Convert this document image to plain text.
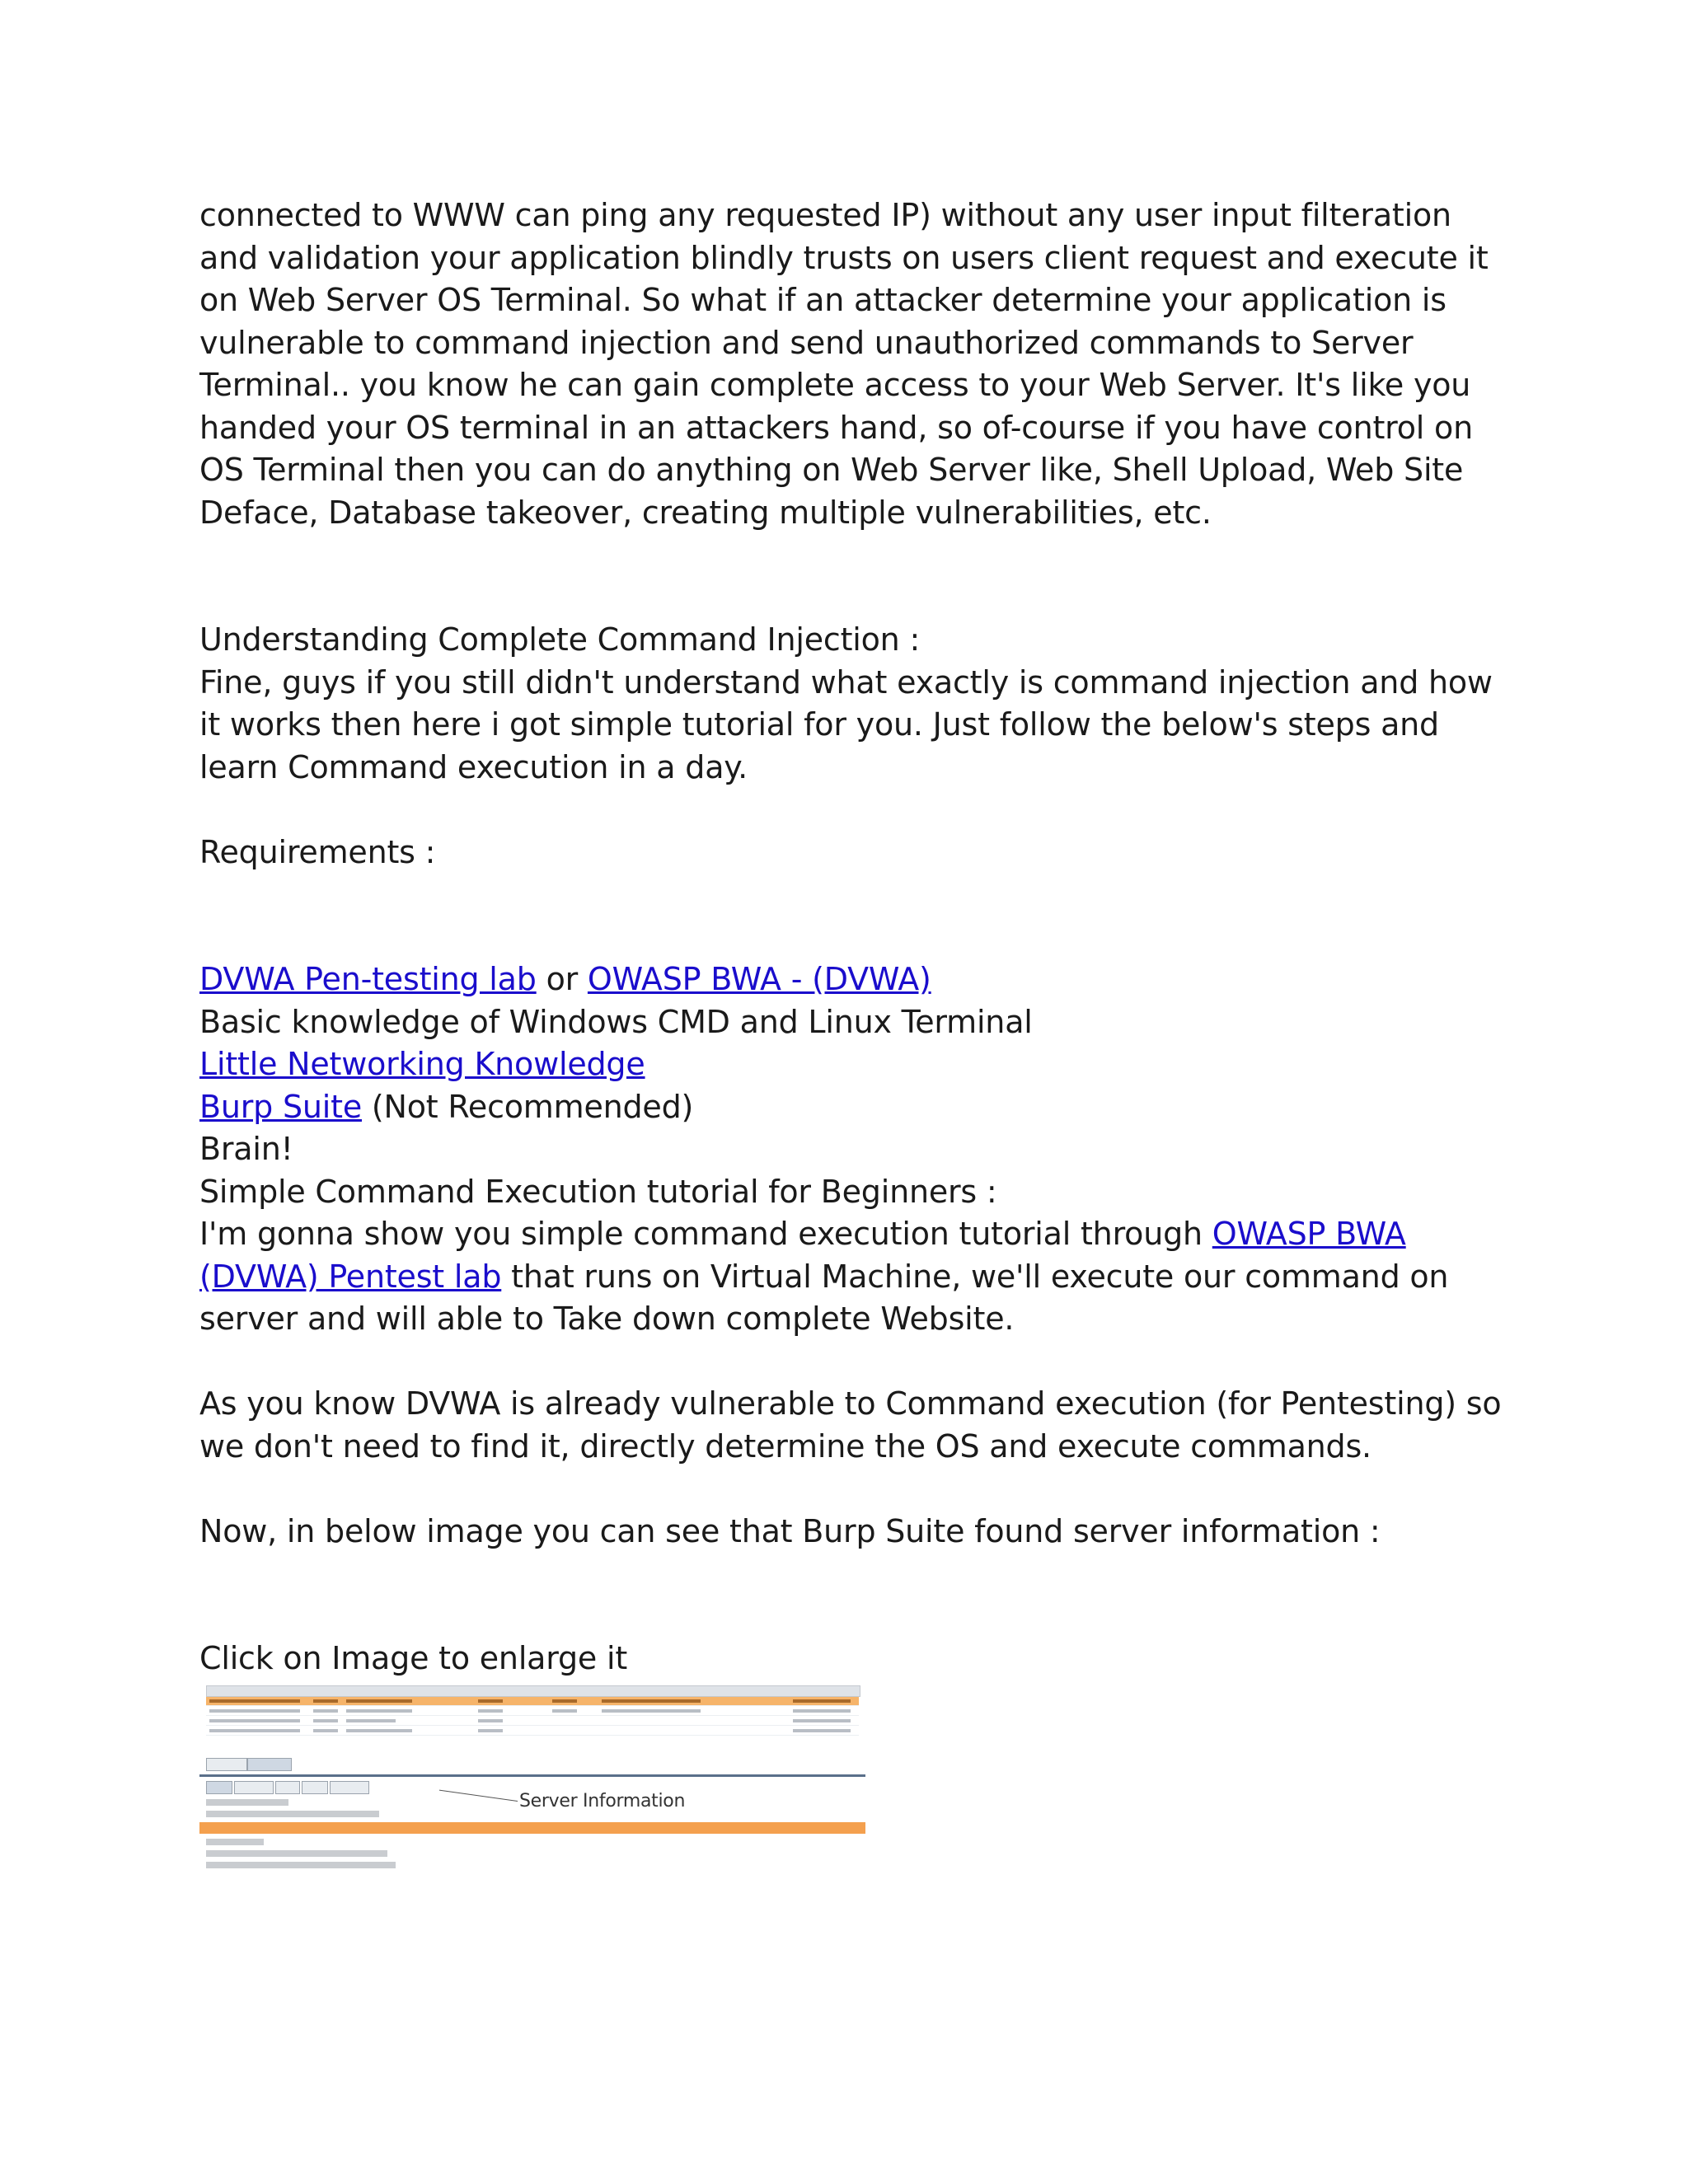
connected to WWW can ping any requested IP) without any user input filteration

and validation your application blindly trusts on users client request and execute it

on Web Server OS Terminal. So what if an attacker determine your application is

vulnerable to command injection and send unauthorized commands to Server

Terminal.. you know he can gain complete access to your Web Server. It's like you

handed your OS terminal in an attackers hand, so of-course if you have control on

OS Terminal then you can do anything on Web Server like, Shell Upload, Web Site

Deface, Database takeover, creating multiple vulnerabilities, etc.

Understanding Complete Command Injection :

Fine, guys if you still didn't understand what exactly is command injection and how

it works then here i got simple tutorial for you. Just follow the below's steps and

learn Command execution in a day.

Requirements :

DVWA Pen-testing lab or OWASP BWA - (DVWA)

Basic knowledge of Windows CMD and Linux Terminal

Little Networking Knowledge

Burp Suite (Not Recommended)

Brain!

Simple Command Execution tutorial for Beginners :

I'm gonna show you simple command execution tutorial through OWASP BWA

(DVWA) Pentest lab that runs on Virtual Machine, we'll execute our command on

server and will able to Take down complete Website.

As you know DVWA is already vulnerable to Command execution (for Pentesting) so

we don't need to find it, directly determine the OS and execute commands.

Now, in below image you can see that Burp Suite found server information :

Click on Image to enlarge it

Server Information
